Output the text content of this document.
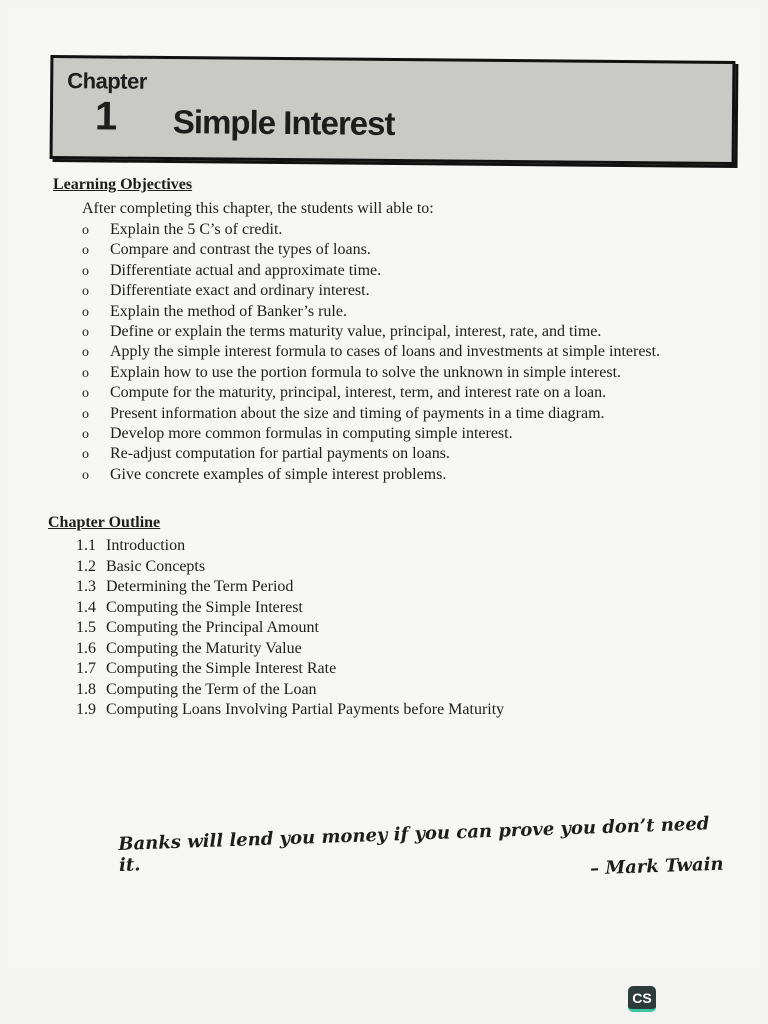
Chapter
1 Simple Interest
Learning Objectives
After completing this chapter, the students will able to:
o	Explain the 5 C’s of credit.
o	Compare and contrast the types of loans.
o	Differentiate actual and approximate time.
o	Differentiate exact and ordinary interest.
o	Explain the method of Banker’s rule.
o	Define or explain the terms maturity value, principal, interest, rate, and time.
o	Apply the simple interest formula to cases of loans and investments at simple interest.
o	Explain how to use the portion formula to solve the unknown in simple interest.
o	Compute for the maturity, principal, interest, term, and interest rate on a loan.
o	Present information about the size and timing of payments in a time diagram.
o	Develop more common formulas in computing simple interest.
o	Re-adjust computation for partial payments on loans.
o	Give concrete examples of simple interest problems.
Chapter Outline
1.1 Introduction
1.2 Basic Concepts
1.3 Determining the Term Period
1.4 Computing the Simple Interest
1.5 Computing the Principal Amount
1.6 Computing the Maturity Value
1.7 Computing the Simple Interest Rate
1.8 Computing the Term of the Loan
1.9 Computing Loans Involving Partial Payments before Maturity
Banks will lend you money if you can prove you don’t need it.	– Mark Twain
CS
